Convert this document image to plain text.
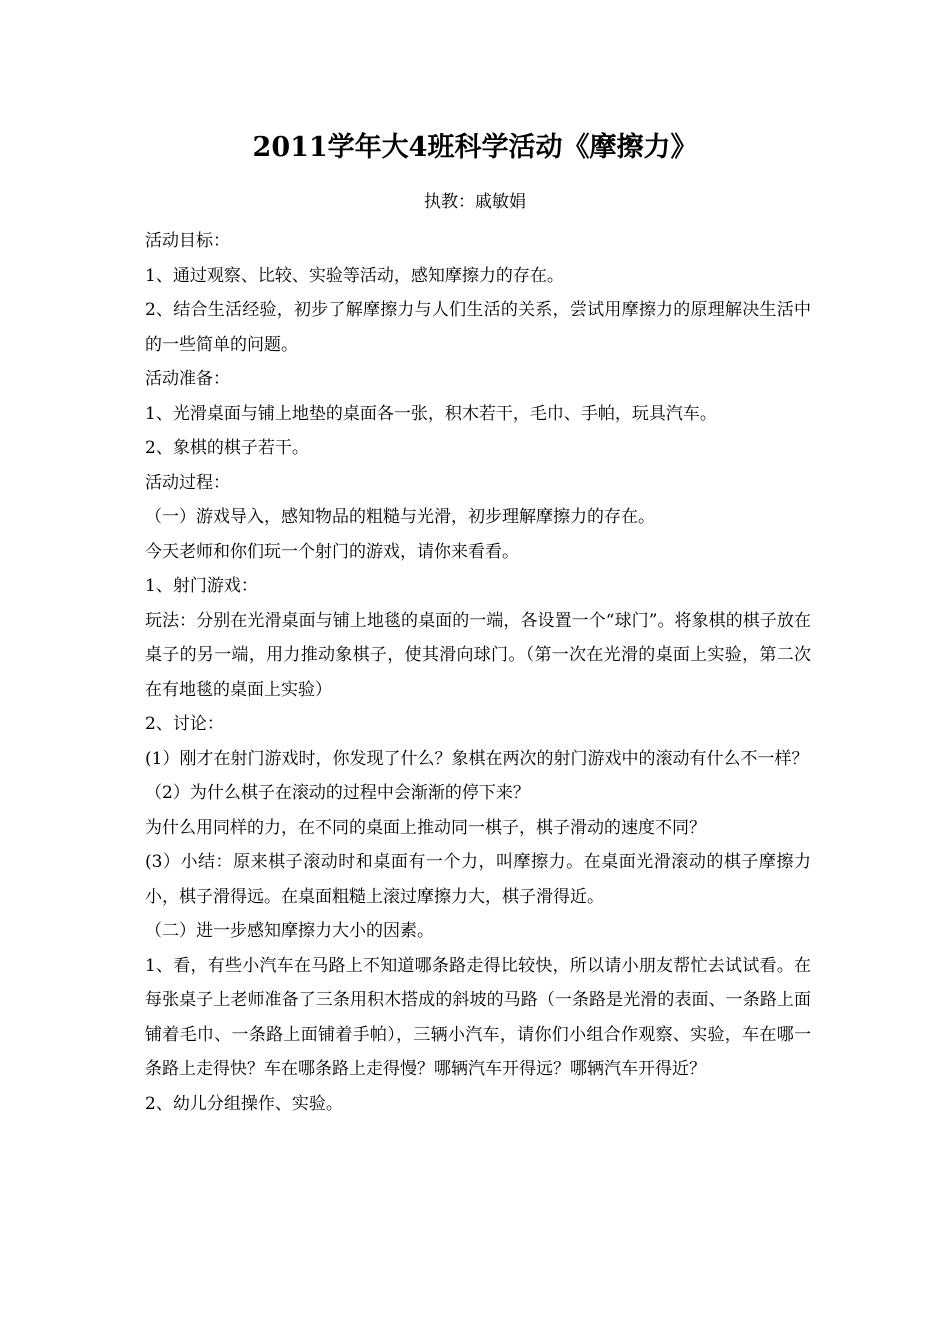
2011学年大4班科学活动《摩擦力》
执教：戚敏娟

活动目标：

1、通过观察、比较、实验等活动，感知摩擦力的存在。

2、结合生活经验，初步了解摩擦力与人们生活的关系，尝试用摩擦力的原理解决生活中的一些简单的问题。

活动准备：

1、光滑桌面与铺上地垫的桌面各一张，积木若干，毛巾、手帕，玩具汽车。

2、象棋的棋子若干。

活动过程：

（一）游戏导入，感知物品的粗糙与光滑，初步理解摩擦力的存在。

今天老师和你们玩一个射门的游戏，请你来看看。

1、射门游戏：

玩法：分别在光滑桌面与铺上地毯的桌面的一端，各设置一个“球门”。将象棋的棋子放在桌子的另一端，用力推动象棋子，使其滑向球门。（第一次在光滑的桌面上实验，第二次在有地毯的桌面上实验）

2、讨论：

(1）刚才在射门游戏时，你发现了什么？象棋在两次的射门游戏中的滚动有什么不一样？

（2）为什么棋子在滚动的过程中会渐渐的停下来？

为什么用同样的力，在不同的桌面上推动同一棋子，棋子滑动的速度不同？

(3）小结：原来棋子滚动时和桌面有一个力，叫摩擦力。在桌面光滑滚动的棋子摩擦力小，棋子滑得远。在桌面粗糙上滚过摩擦力大，棋子滑得近。

（二）进一步感知摩擦力大小的因素。

1、看，有些小汽车在马路上不知道哪条路走得比较快，所以请小朋友帮忙去试试看。在每张桌子上老师准备了三条用积木搭成的斜坡的马路（一条路是光滑的表面、一条路上面铺着毛巾、一条路上面铺着手帕），三辆小汽车，请你们小组合作观察、实验，车在哪一条路上走得快？车在哪条路上走得慢？哪辆汽车开得远？哪辆汽车开得近？

2、幼儿分组操作、实验。
